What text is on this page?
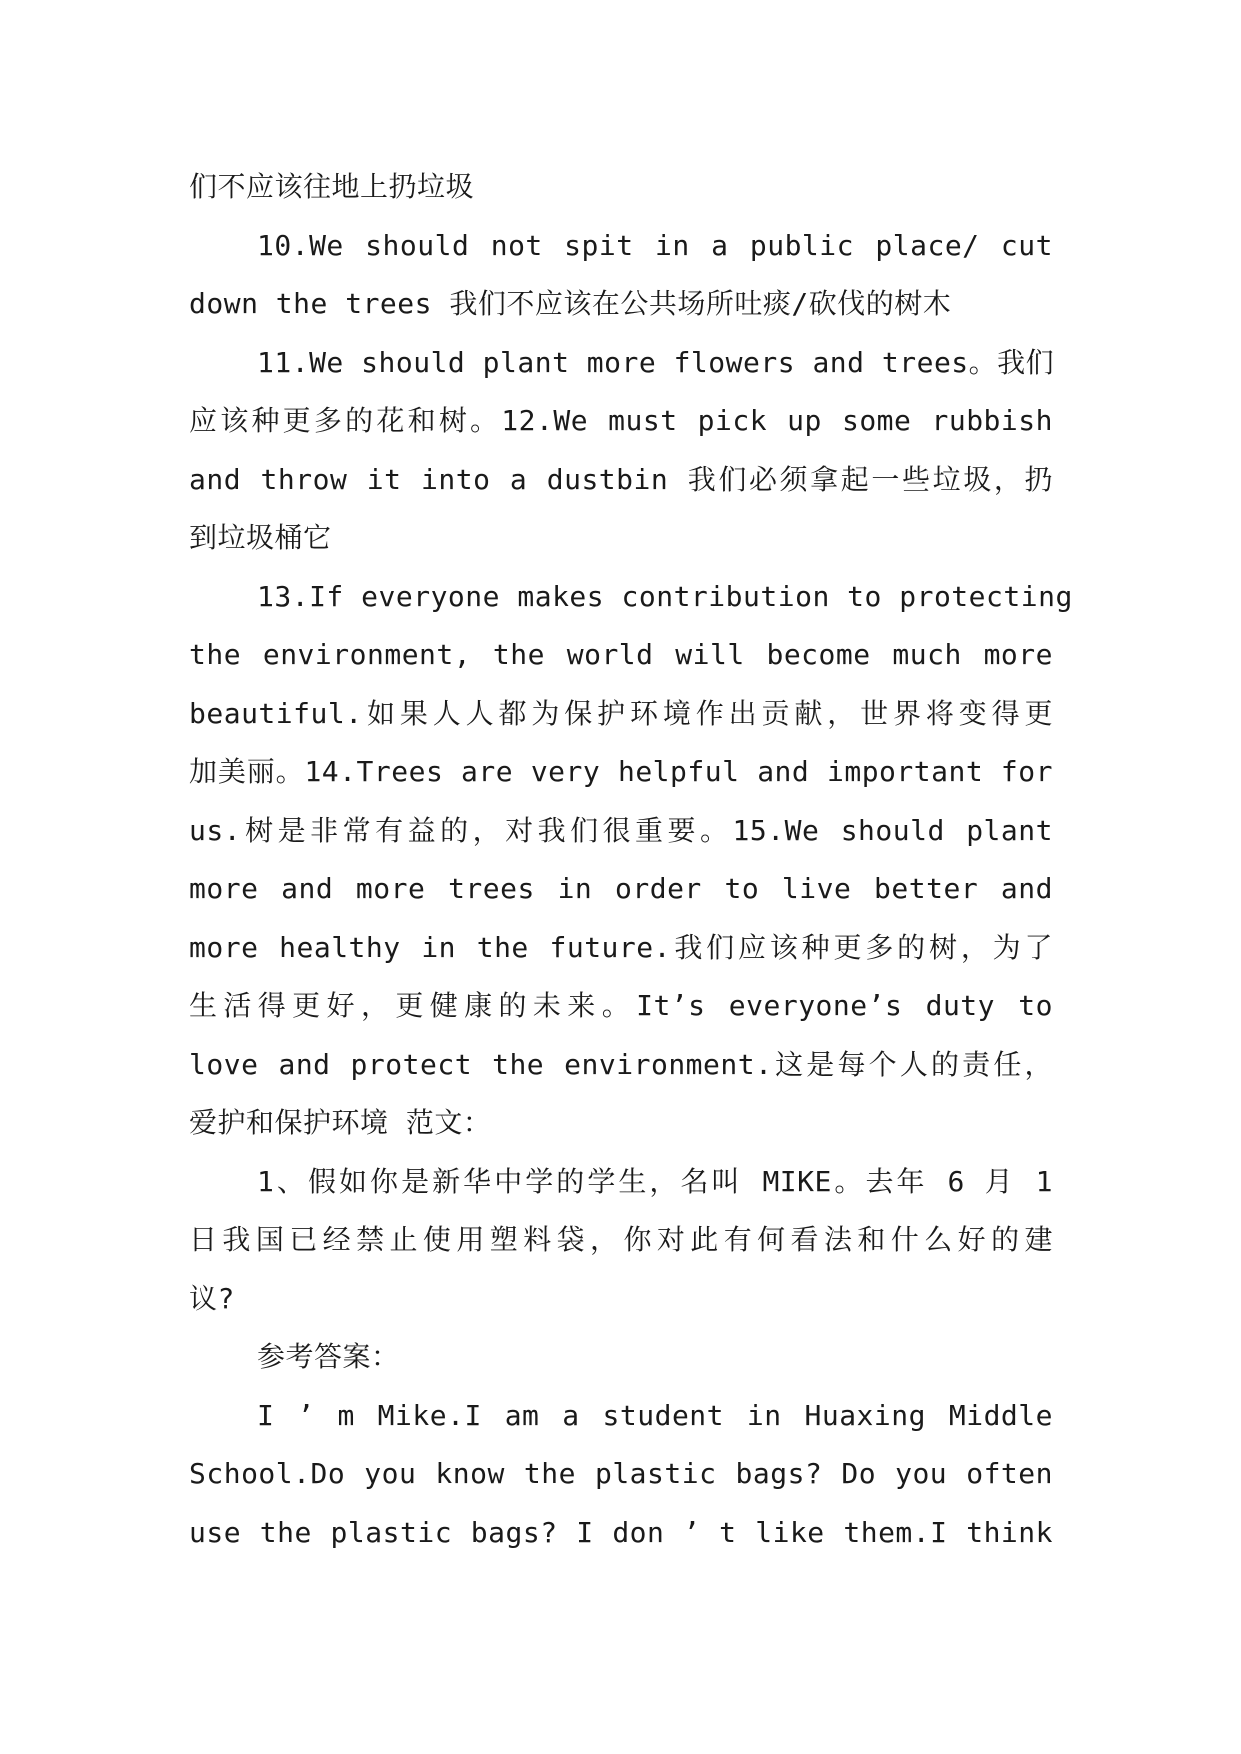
们不应该往地上扔垃圾
10.We should not spit in a public place/ cut
down the trees 我们不应该在公共场所吐痰/砍伐的树木
11.We should plant more flowers and trees。我们
应该种更多的花和树。12.We must pick up some rubbish
and throw it into a dustbin 我们必须拿起一些垃圾，扔
到垃圾桶它
13.If everyone makes contribution to protecting
the environment, the world will become much more
beautiful.如果人人都为保护环境作出贡献，世界将变得更
加美丽。14.Trees are very helpful and important for
us.树是非常有益的，对我们很重要。15.We should plant
more and more trees in order to live better and
more healthy in the future.我们应该种更多的树，为了
生活得更好，更健康的未来。It’s everyone’s duty to
love and protect the environment.这是每个人的责任，
爱护和保护环境 范文：
1、假如你是新华中学的学生，名叫 MIKE。去年 6 月 1
日我国已经禁止使用塑料袋，你对此有何看法和什么好的建
议?
参考答案：
I ’ m Mike.I am a student in Huaxing Middle
School.Do you know the plastic bags? Do you often
use the plastic bags? I don ’ t like them.I think
